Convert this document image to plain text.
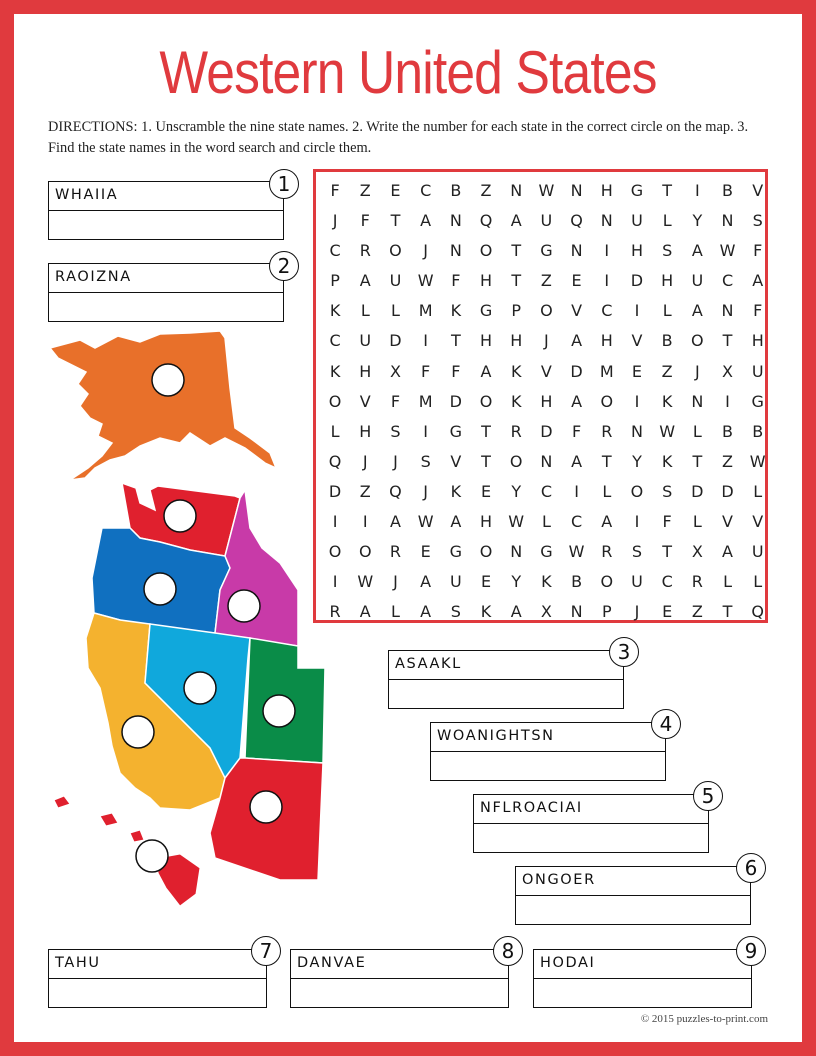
Western United States
DIRECTIONS: 1. Unscramble the nine state names. 2. Write the number for each state in the correct circle on the map. 3. Find the state names in the word search and circle them.
WHAIIA	1
RAOIZNA	2
ASAAKL	3
WOANIGHTSN	4
NFLROACIAI	5
ONGOER	6
TAHU	7	DANVAE	8	HODAI	9
F	Z	E	C	B	Z	N	W	N	H	G	T	I	B	V
J	F	T	A	N	Q	A	U	Q	N	U	L	Y	N	S
C	R	O	J	N	O	T	G	N	I	H	S	A	W	F
P	A	U	W	F	H	T	Z	E	I	D	H	U	C	A
K	L	L	M	K	G	P	O	V	C	I	L	A	N	F
C	U	D	I	T	H	H	J	A	H	V	B	O	T	H
K	H	X	F	F	A	K	V	D	M	E	Z	J	X	U
O	V	F	M	D	O	K	H	A	O	I	K	N	I	G
L	H	S	I	G	T	R	D	F	R	N	W	L	B	B
Q	J	J	S	V	T	O	N	A	T	Y	K	T	Z	W
D	Z	Q	J	K	E	Y	C	I	L	O	S	D	D	L
I	I	A	W	A	H	W	L	C	A	I	F	L	V	V
O	O	R	E	G	O	N	G	W	R	S	T	X	A	U
I	W	J	A	U	E	Y	K	B	O	U	C	R	L	L
R	A	L	A	S	K	A	X	N	P	J	E	Z	T	Q
© 2015 puzzles-to-print.com
